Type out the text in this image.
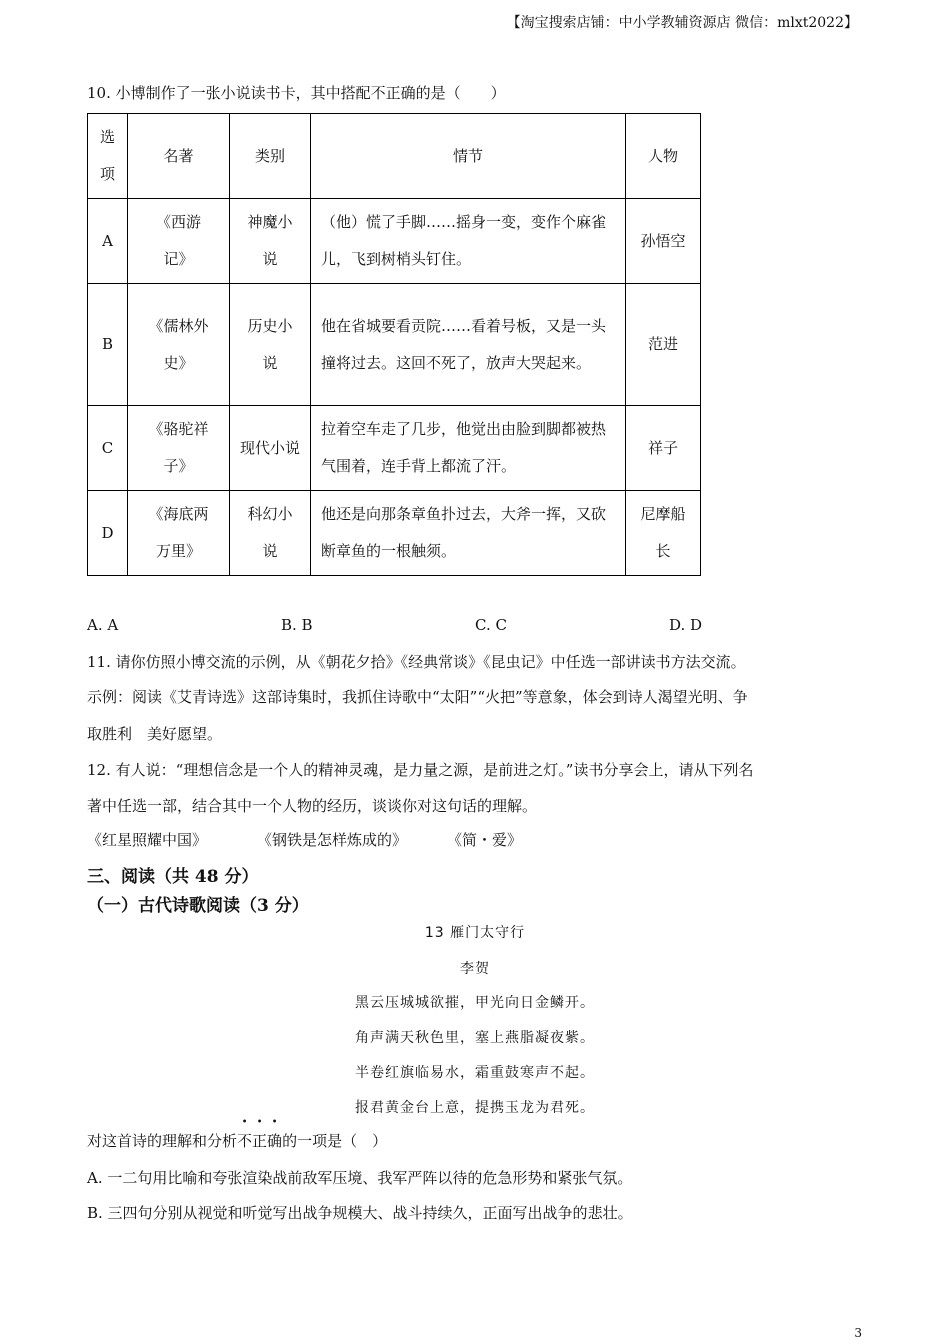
【淘宝搜索店铺：中小学教辅资源店 微信：mlxt2022】
10. 小博制作了一张小说读书卡，其中搭配不正确的是（　　）
选项	名著	类别	情节	人物
A	《西游记》	神魔小说	（他）慌了手脚……摇身一变，变作个麻雀儿，飞到树梢头钉住。	孙悟空
B	《儒林外史》	历史小说	他在省城要看贡院……看着号板，又是一头撞将过去。这回不死了，放声大哭起来。	范进
C	《骆驼祥子》	现代小说	拉着空车走了几步，他觉出由脸到脚都被热气围着，连手背上都流了汗。	祥子
D	《海底两万里》	科幻小说	他还是向那条章鱼扑过去，大斧一挥，又砍断章鱼的一根触须。	尼摩船长
A. A	B. B	C. C	D. D
11. 请你仿照小博交流的示例，从《朝花夕拾》《经典常谈》《昆虫记》中任选一部讲读书方法交流。
示例：阅读《艾青诗选》这部诗集时，我抓住诗歌中“太阳”“火把”等意象，体会到诗人渴望光明、争
取胜利　美好愿望。
12. 有人说：“理想信念是一个人的精神灵魂，是力量之源，是前进之灯。”读书分享会上，请从下列名
著中任选一部，结合其中一个人物的经历，谈谈你对这句话的理解。
《红星照耀中国》	《钢铁是怎样炼成的》	《简・爱》
三、阅读（共 48 分）
（一）古代诗歌阅读（3 分）
13 雁门太守行
李贺
黑云压城城欲摧，甲光向日金鳞开。
角声满天秋色里，塞上燕脂凝夜紫。
半卷红旗临易水，霜重鼓寒声不起。
报君黄金台上意，提携玉龙为君死。
对这首诗的理解和分析不正确的一项是（　）
A. 一二句用比喻和夸张渲染战前敌军压境、我军严阵以待的危急形势和紧张气氛。
B. 三四句分别从视觉和听觉写出战争规模大、战斗持续久，正面写出战争的悲壮。
3
